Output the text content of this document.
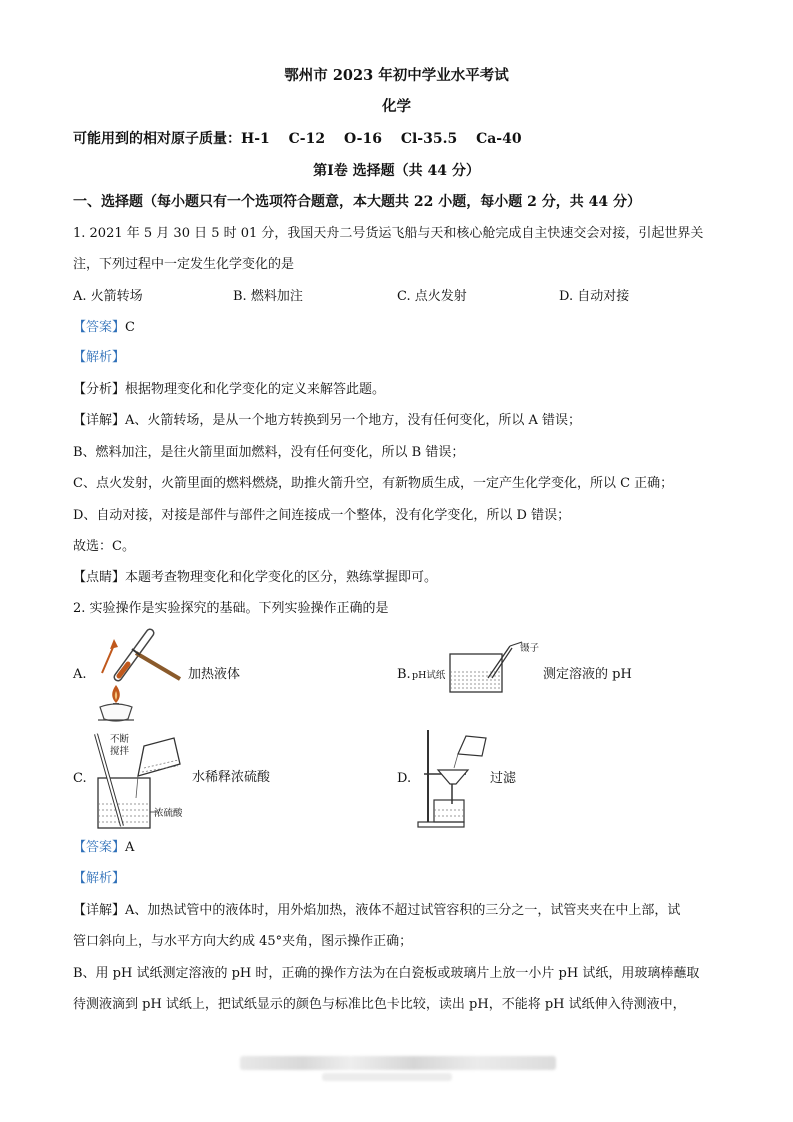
鄂州市 2023 年初中学业水平考试
化学
可能用到的相对原子质量：H-1　 C-12　 O-16　 Cl-35.5　 Ca-40
第Ⅰ卷 选择题（共 44 分）
一、选择题（每小题只有一个选项符合题意，本大题共 22 小题，每小题 2 分，共 44 分）
1. 2021 年 5 月 30 日 5 时 01 分，我国天舟二号货运飞船与天和核心舱完成自主快速交会对接，引起世界关
注，下列过程中一定发生化学变化的是
A. 火箭转场	B. 燃料加注	C. 点火发射	D. 自动对接
【答案】C
【解析】
【分析】根据物理变化和化学变化的定义来解答此题。
【详解】A、火箭转场，是从一个地方转换到另一个地方，没有任何变化，所以 A 错误；
B、燃料加注，是往火箭里面加燃料，没有任何变化，所以 B 错误；
C、点火发射，火箭里面的燃料燃烧，助推火箭升空，有新物质生成，一定产生化学变化，所以 C 正确；
D、自动对接，对接是部件与部件之间连接成一个整体，没有化学变化，所以 D 错误；
故选：C。
【点睛】本题考查物理变化和化学变化的区分，熟练掌握即可。
2. 实验操作是实验探究的基础。下列实验操作正确的是
A.	加热液体	B. pH试纸
镊子
测定溶液的 pH
C.
不断
搅拌
水
浓硫酸
稀释浓硫酸	D.	过滤
【答案】A
【解析】
【详解】A、加热试管中的液体时，用外焰加热，液体不超过试管容积的三分之一，试管夹夹在中上部，试
管口斜向上，与水平方向大约成 45°夹角，图示操作正确；
B、用 pH 试纸测定溶液的 pH 时，正确的操作方法为在白瓷板或玻璃片上放一小片 pH 试纸，用玻璃棒蘸取
待测液滴到 pH 试纸上，把试纸显示的颜色与标准比色卡比较，读出 pH，不能将 pH 试纸伸入待测液中，
